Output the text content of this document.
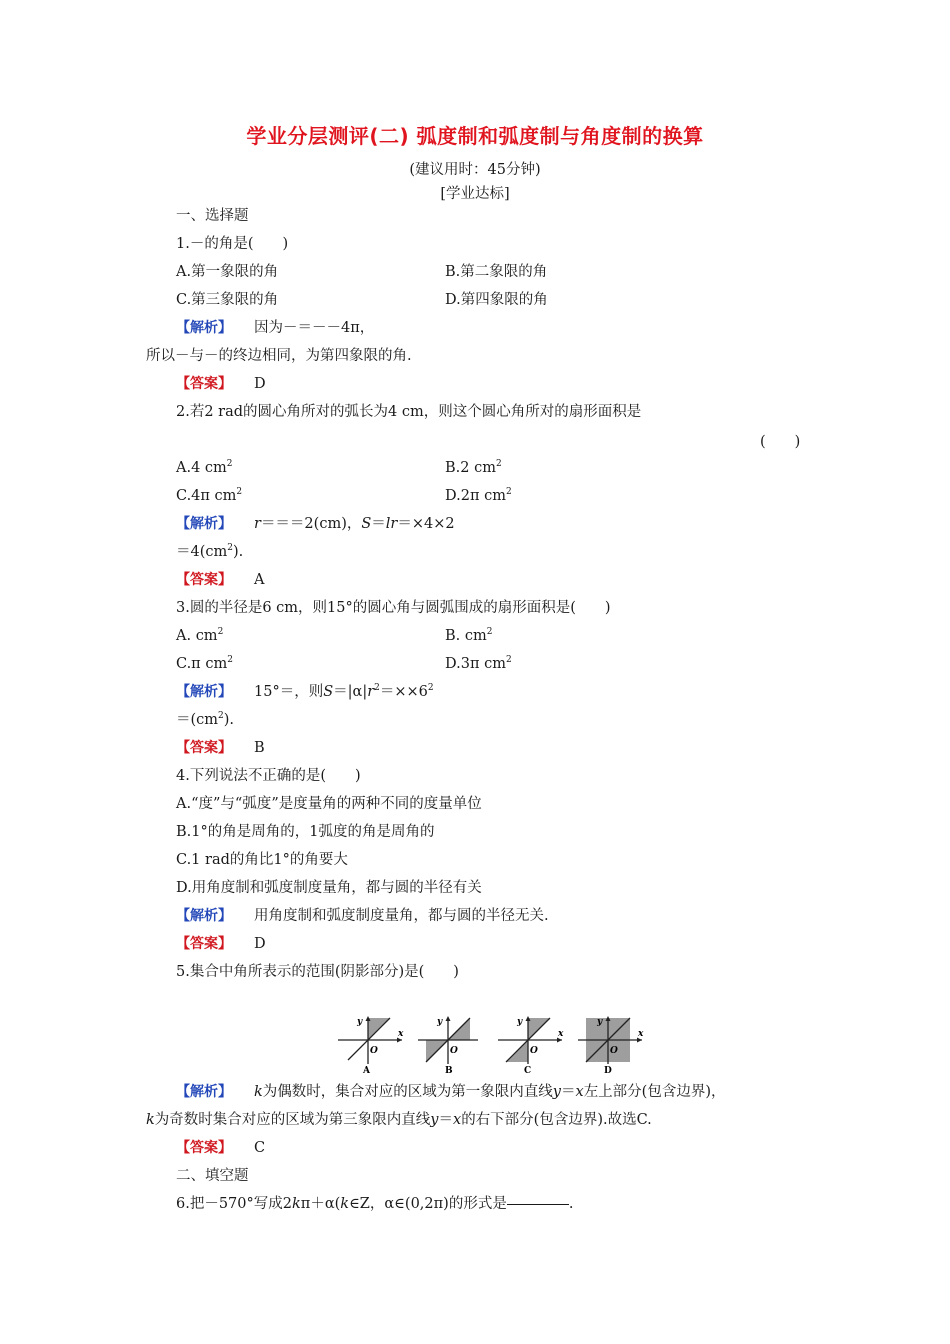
学业分层测评(二) 弧度制和弧度制与角度制的换算
(建议用时：45分钟)
[学业达标]
一、选择题
1.－的角是(　　)
A.第一象限的角	B.第二象限的角
C.第三象限的角	D.第四象限的角
【解析】 因为－＝－－4π，
所以－与－的终边相同，为第四象限的角.
【答案】 D
2.若2 rad的圆心角所对的弧长为4 cm，则这个圆心角所对的扇形面积是
(　　)
A.4 $cm^2$	B.2 $cm^2$
C.4π $cm^2$	D.2π $cm^2$
【解析】 r＝＝＝2(cm)，S＝lr＝×4×2
$=4(cm^2)$.
【答案】 A
3.圆的半径是6 cm，则15°的圆心角与圆弧围成的扇形面积是(　　)
A. $cm^2$	B. $cm^2$
C.π $cm^2$	D.3π $cm^2$
【解析】 15°＝，则$S=|\alpha|r^2=\times\times 6^2$
$=(cm^2)$.
【答案】 B
4.下列说法不正确的是(　　)
A.“度”与“弧度”是度量角的两种不同的度量单位
B.1°的角是周角的，1弧度的角是周角的
C.1 rad的角比1°的角要大
D.用角度制和弧度制度量角，都与圆的半径有关
【解析】 用角度制和弧度制度量角，都与圆的半径无关.
【答案】 D
5.集合中角所表示的范围(阴影部分)是(　　)
y
x
O
A
y
O
B
y
x
O
C
y
x
O
D
【解析】 k为偶数时，集合对应的区域为第一象限内直线y＝x左上部分(包含边界)，
k为奇数时集合对应的区域为第三象限内直线y＝x的右下部分(包含边界).故选C.
【答案】 C
二、填空题
6.把－570°写成2kπ＋α(k∈Z，α∈(0,2π)的形式是	.
